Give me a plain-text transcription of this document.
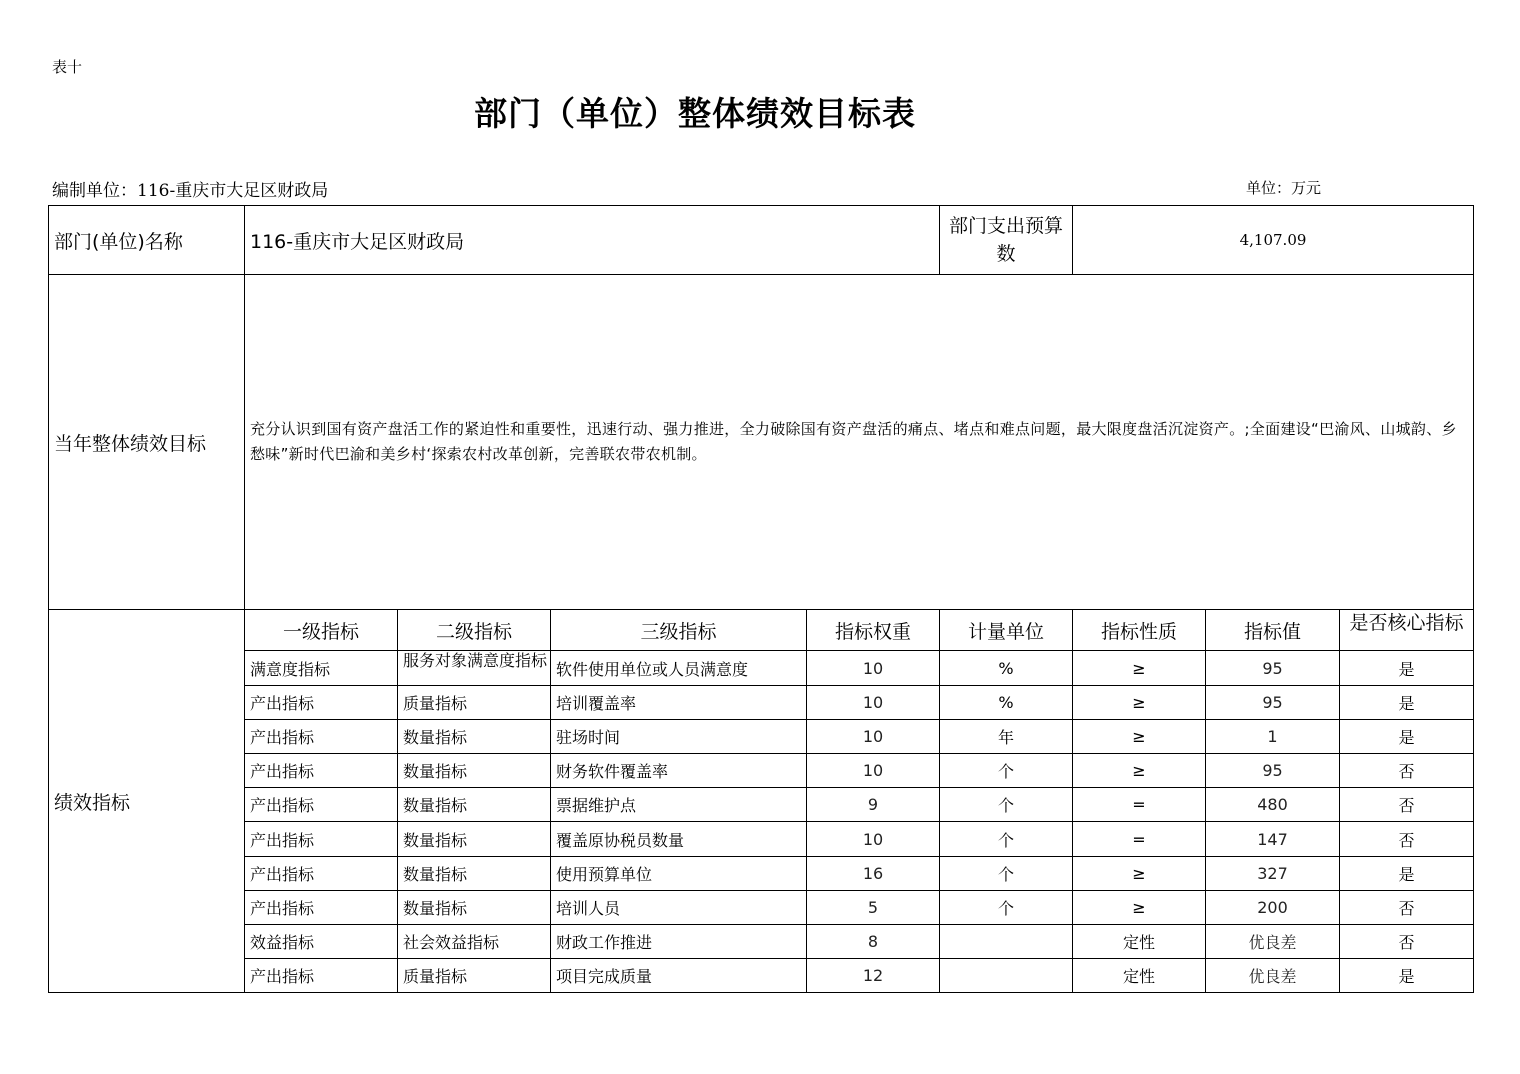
表十
部门（单位）整体绩效目标表
编制单位：116-重庆市大足区财政局	单位：万元
部门(单位)名称	116-重庆市大足区财政局				部门支出预算数	4,107.09		
当年整体绩效目标	充分认识到国有资产盘活工作的紧迫性和重要性，迅速行动、强力推进，全力破除国有资产盘活的痛点、堵点和难点问题，最大限度盘活沉淀资产。;全面建设“巴渝风、山城韵、乡愁味”新时代巴渝和美乡村‘探索农村改革创新，完善联农带农机制。							
绩效指标	一级指标	二级指标	三级指标	指标权重	计量单位	指标性质	指标值	是否核心指标

	满意度指标	服务对象满意度指标	软件使用单位或人员满意度	10	%	≥	95	是
	产出指标	质量指标	培训覆盖率	10	%	≥	95	是
	产出指标	数量指标	驻场时间	10	年	≥	1	是
	产出指标	数量指标	财务软件覆盖率	10	个	≥	95	否
	产出指标	数量指标	票据维护点	9	个	=	480	否
	产出指标	数量指标	覆盖原协税员数量	10	个	=	147	否
	产出指标	数量指标	使用预算单位	16	个	≥	327	是
	产出指标	数量指标	培训人员	5	个	≥	200	否
	效益指标	社会效益指标	财政工作推进	8		定性	优良差	否
	产出指标	质量指标	项目完成质量	12		定性	优良差	是
